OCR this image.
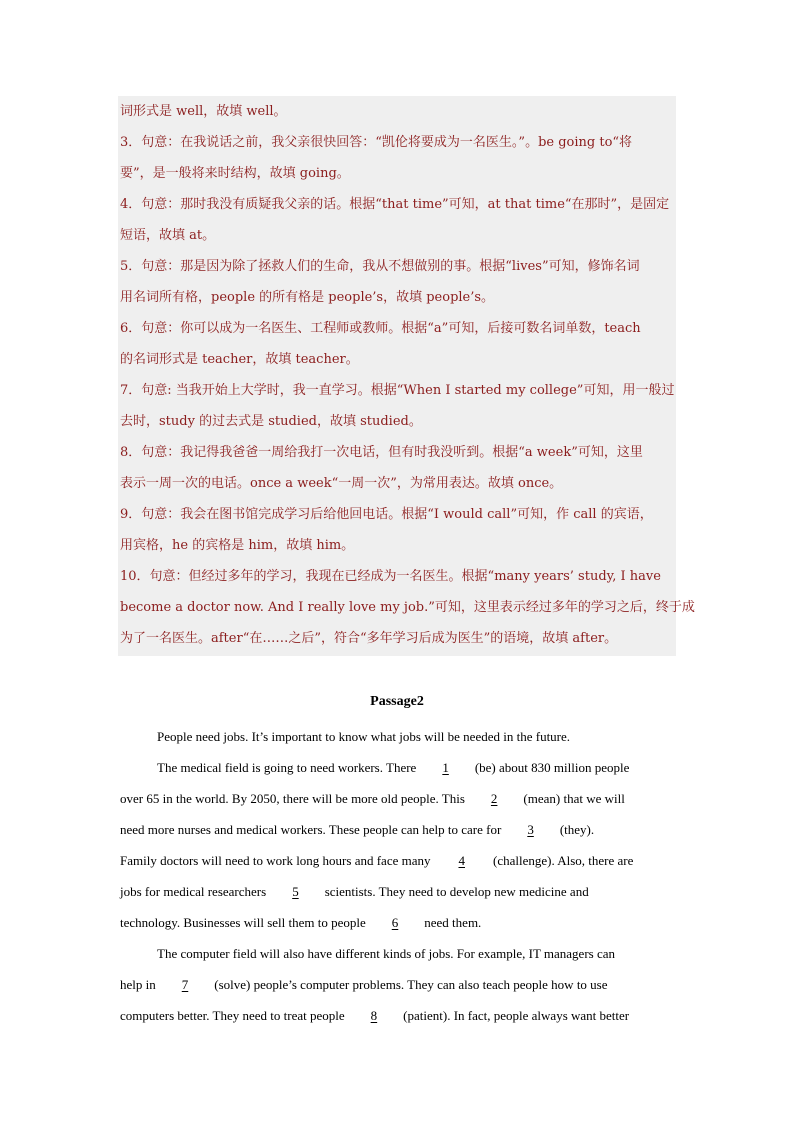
词形式是 well，故填 well。
3．句意：在我说话之前，我父亲很快回答：“凯伦将要成为一名医生。”。be going to“将
要”，是一般将来时结构，故填 going。
4．句意：那时我没有质疑我父亲的话。根据“that time”可知，at that time“在那时”，是固定
短语，故填 at。
5．句意：那是因为除了拯救人们的生命，我从不想做别的事。根据“lives”可知，修饰名词
用名词所有格，people 的所有格是 people’s，故填 people’s。
6．句意：你可以成为一名医生、工程师或教师。根据“a”可知，后接可数名词单数，teach
的名词形式是 teacher，故填 teacher。
7．句意: 当我开始上大学时，我一直学习。根据“When I started my college”可知，用一般过
去时，study 的过去式是 studied，故填 studied。
8．句意：我记得我爸爸一周给我打一次电话，但有时我没听到。根据“a week”可知，这里
表示一周一次的电话。once a week“一周一次”，为常用表达。故填 once。
9．句意：我会在图书馆完成学习后给他回电话。根据“I would call”可知，作 call 的宾语，
用宾格，he 的宾格是 him，故填 him。
10．句意：但经过多年的学习，我现在已经成为一名医生。根据“many years’ study, I have
become a doctor now. And I really love my job.”可知，这里表示经过多年的学习之后，终于成
为了一名医生。after“在……之后”，符合“多年学习后成为医生”的语境，故填 after。
Passage2
People need jobs. It’s important to know what jobs will be needed in the future.
The medical field is going to need workers. There 1 (be) about 830 million people
over 65 in the world. By 2050, there will be more old people. This 2 (mean) that we will
need more nurses and medical workers. These people can help to care for 3 (they).
Family doctors will need to work long hours and face many 4 (challenge). Also, there are
jobs for medical researchers 5 scientists. They need to develop new medicine and
technology. Businesses will sell them to people 6 need them.
The computer field will also have different kinds of jobs. For example, IT managers can
help in 7 (solve) people’s computer problems. They can also teach people how to use
computers better. They need to treat people 8 (patient). In fact, people always want better
